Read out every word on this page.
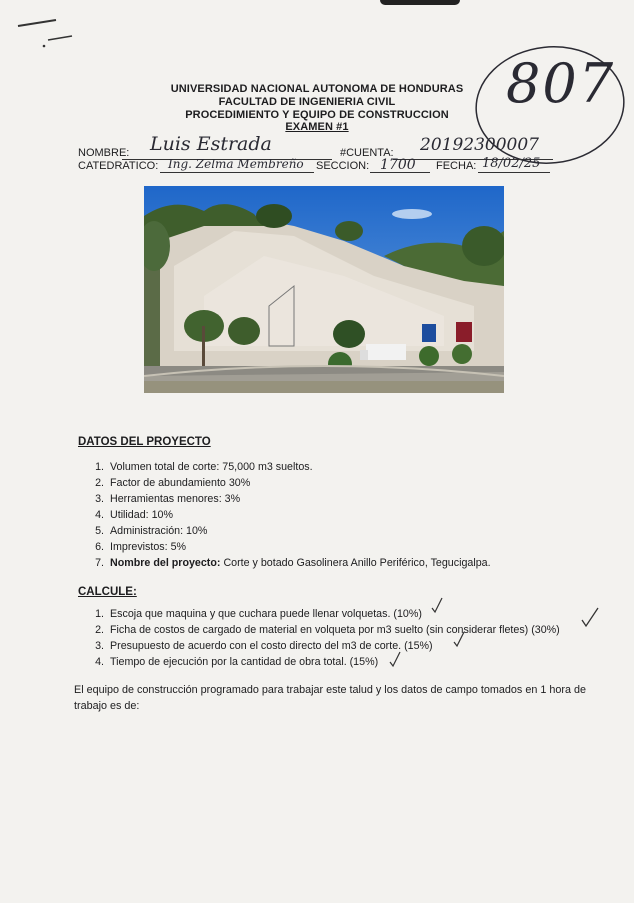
UNIVERSIDAD NACIONAL AUTONOMA DE HONDURAS
FACULTAD DE INGENIERIA CIVIL
PROCEDIMIENTO Y EQUIPO DE CONSTRUCCION
EXAMEN #1
807
NOMBRE: Luis Estrada	#CUENTA: 20192300007
CATEDRATICO: Ing. Zelma Membreño SECCION: 1700 FECHA: 18/02/25
DATOS DEL PROYECTO
1. Volumen total de corte: 75,000 m3 sueltos.
2. Factor de abundamiento 30%
3. Herramientas menores: 3%
4. Utilidad: 10%
5. Administración: 10%
6. Imprevistos: 5%
7. Nombre del proyecto: Corte y botado Gasolinera Anillo Periférico, Tegucigalpa.
CALCULE:
1. Escoja que maquina y que cuchara puede llenar volquetas. (10%)
2. Ficha de costos de cargado de material en volqueta por m3 suelto (sin considerar fletes) (30%)
3. Presupuesto de acuerdo con el costo directo del m3 de corte. (15%)
4. Tiempo de ejecución por la cantidad de obra total. (15%)
El equipo de construcción programado para trabajar este talud y los datos de campo tomados en 1 hora de trabajo es de:
